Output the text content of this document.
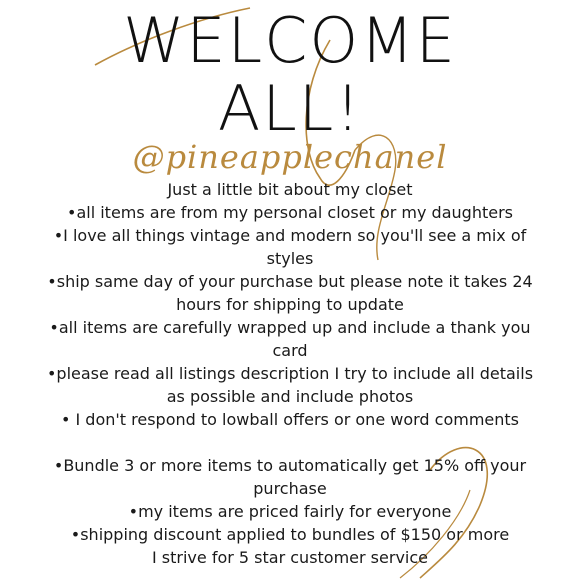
WELCOME
ALL!
@pineapplechanel

Just a little bit about my closet

•all items are from my personal closet or my daughters

•I love all things vintage and modern so you'll see a mix of styles

•ship same day of your purchase but please note it takes 24 hours for shipping to update

•all items are carefully wrapped up and include a thank you card

•please read all listings description I try to include all details as possible and include photos

• I don't respond to lowball offers or one word comments

•Bundle 3 or more items to automatically get 15% off your purchase

•my items are priced fairly for everyone

•shipping discount applied to bundles of $150 or more

I strive for 5 star customer service
